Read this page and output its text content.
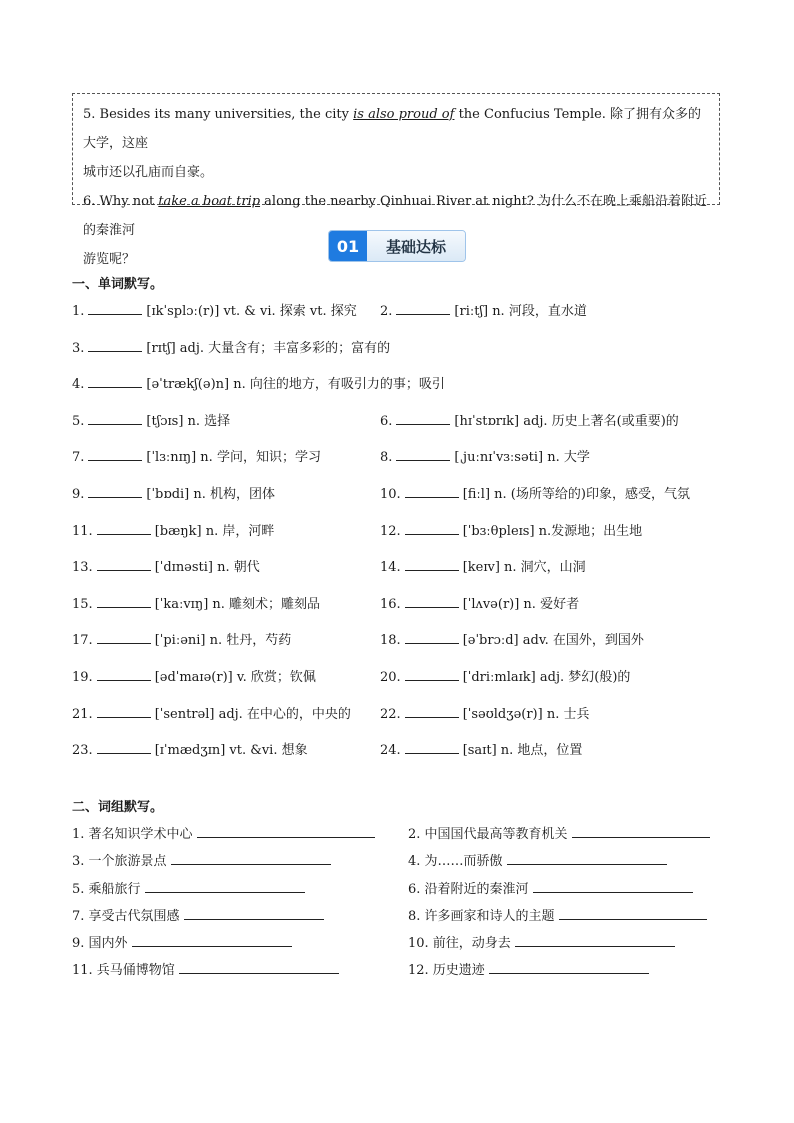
5. Besides its many universities, the city is also proud of the Confucius Temple. 除了拥有众多的大学，这座

城市还以孔庙而自豪。

6. Why not take a boat trip along the nearby Qinhuai River at night? 为什么不在晚上乘船沿着附近的秦淮河

游览呢？

01	基础达标
一、单词默写。
1.	[ɪkˈsplɔː(r)] vt. & vi. 探索 vt. 探究 2.	[riːtʃ] n. 河段，直水道
3.	[rɪtʃ] adj. 大量含有；丰富多彩的；富有的
4.	[əˈtrækʃ(ə)n] n. 向往的地方，有吸引力的事；吸引
5.	[tʃɔɪs] n. 选择	6.	[hɪˈstɒrɪk] adj. 历史上著名(或重要)的
7.	[ˈlɜːnɪŋ] n. 学问，知识；学习	8.	[ˌjuːnɪˈvɜːsəti] n. 大学
9.	[ˈbɒdi] n. 机构，团体	10.	[fiːl] n. (场所等给的)印象，感受，气氛
11.	[bæŋk] n. 岸，河畔	12.	[ˈbɜːθpleɪs] n.发源地；出生地
13.	[ˈdɪnəsti] n. 朝代	14.	[keɪv] n. 洞穴，山洞
15.	[ˈkaːvɪŋ] n. 雕刻术；雕刻品	16.	[ˈlʌvə(r)] n. 爱好者
17.	[ˈpiːəni] n. 牡丹，芍药	18.	[əˈbrɔːd] adv. 在国外，到国外
19.	[ədˈmaɪə(r)] v. 欣赏；钦佩	20.	[ˈdriːmlaɪk] adj. 梦幻(般)的
21.	[ˈsentrəl] adj. 在中心的，中央的 22.	[ˈsəʊldʒə(r)] n. 士兵
23.	[ɪˈmædʒɪn] vt. &vi. 想象	24.	[saɪt] n. 地点，位置
二、词组默写。
1. 著名知识学术中心	2. 中国国代最高等教育机关
3. 一个旅游景点	4. 为……而骄傲
5. 乘船旅行	6. 沿着附近的秦淮河
7. 享受古代氛围感	8. 许多画家和诗人的主题
9. 国内外	10. 前往，动身去
11. 兵马俑博物馆	12. 历史遗迹
